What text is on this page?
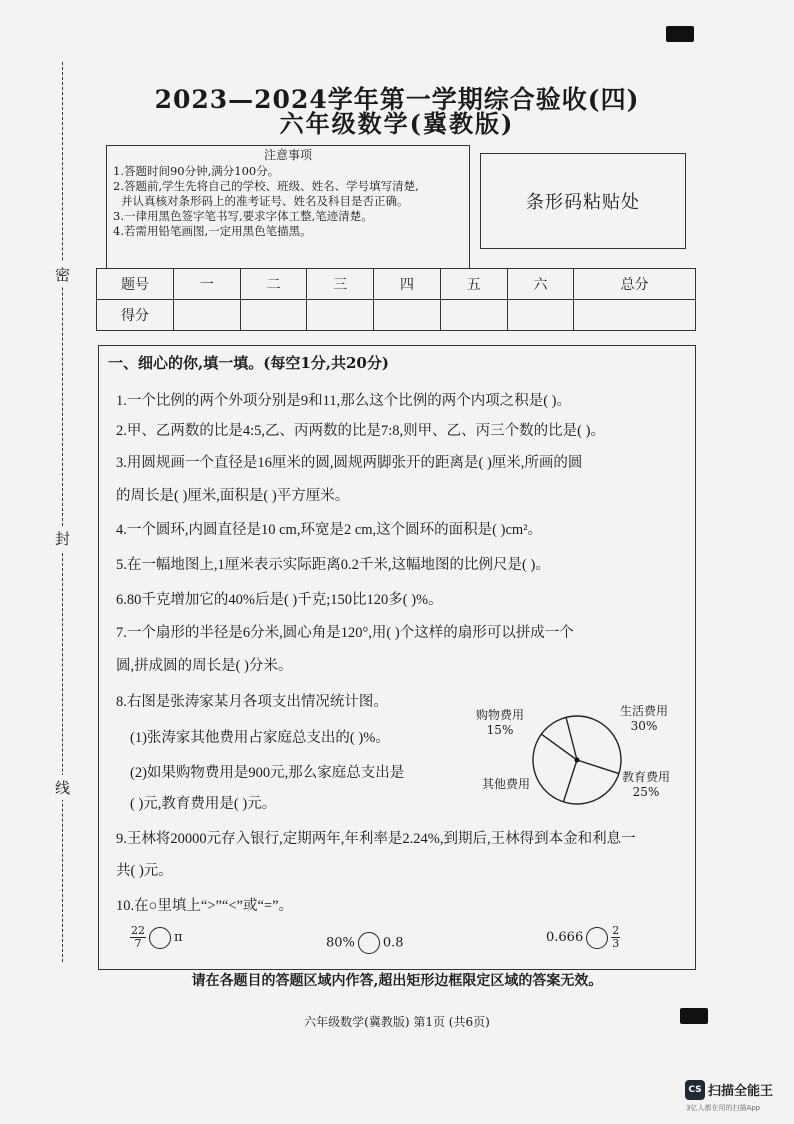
密
封
线
2023—2024学年第一学期综合验收(四)
六年级数学(冀教版)
注意事项
1.答题时间90分钟,满分100分。
2.答题前,学生先将自己的学校、班级、姓名、学号填写清楚,
并认真核对条形码上的准考证号、姓名及科目是否正确。
3.一律用黑色签字笔书写,要求字体工整,笔迹清楚。
4.若需用铅笔画图,一定用黑色笔描黑。
条形码粘贴处
题号	一	二	三	四	五	六	总分
得分							
一、细心的你,填一填。(每空1分,共20分)
1.一个比例的两个外项分别是9和11,那么这个比例的两个内项之积是( )。
2.甲、乙两数的比是4:5,乙、丙两数的比是7:8,则甲、乙、丙三个数的比是( )。
3.用圆规画一个直径是16厘米的圆,圆规两脚张开的距离是( )厘米,所画的圆
的周长是( )厘米,面积是( )平方厘米。
4.一个圆环,内圆直径是10 cm,环宽是2 cm,这个圆环的面积是( )cm²。
5.在一幅地图上,1厘米表示实际距离0.2千米,这幅地图的比例尺是( )。
6.80千克增加它的40%后是( )千克;150比120多( )%。
7.一个扇形的半径是6分米,圆心角是120°,用( )个这样的扇形可以拼成一个
圆,拼成圆的周长是( )分米。
8.右图是张涛家某月各项支出情况统计图。
(1)张涛家其他费用占家庭总支出的( )%。
(2)如果购物费用是900元,那么家庭总支出是
( )元,教育费用是( )元。
9.王林将20000元存入银行,定期两年,年利率是2.24%,到期后,王林得到本金和利息一
共( )元。
10.在○里填上“>”“<”或“=”。
购物费用
15%
生活费用
30%
其他费用	教育费用
25%
$\frac{22}{7}$ π	80% 0.8	0.666	$\frac{2}{3}$
请在各题目的答题区域内作答,超出矩形边框限定区域的答案无效。
六年级数学(冀教版) 第1页 (共6页)
CS 扫描全能王
3亿人都在用的扫描App
